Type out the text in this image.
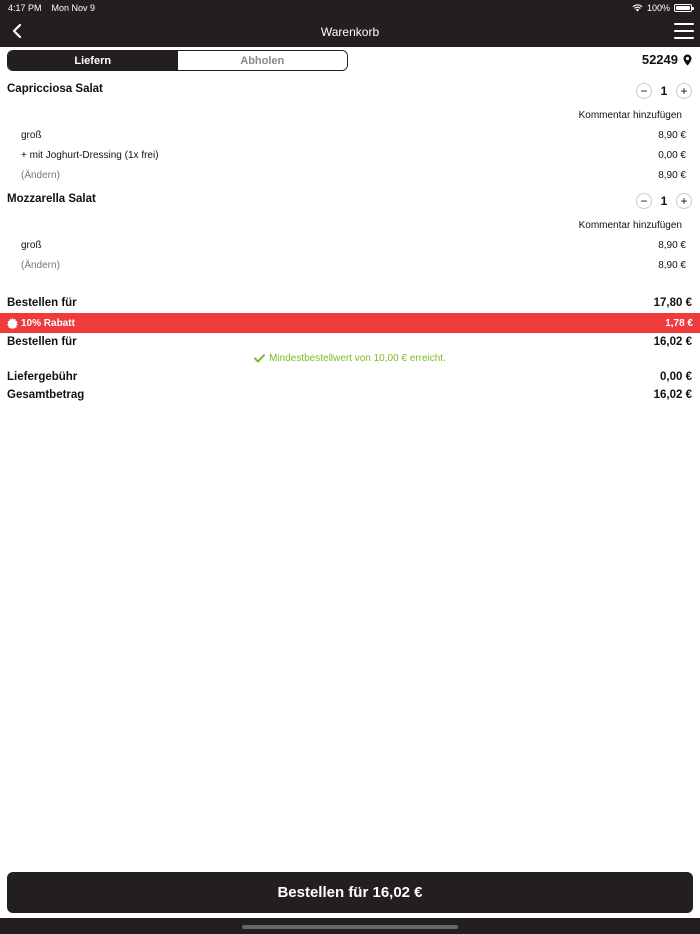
4:17 PM Mon Nov 9	100%
Warenkorb
Liefern	Abholen	52249
Capricciosa Salat	− 1 +
Kommentar hinzufügen
groß	8,90 €
+ mit Joghurt-Dressing (1x frei)	0,00 €
(Ändern)	8,90 €
Mozzarella Salat	− 1 +
Kommentar hinzufügen
groß	8,90 €
(Ändern)	8,90 €
Bestellen für	17,80 €
10% Rabatt	1,78 €
Bestellen für	16,02 €
Mindestbestellwert von 10,00 € erreicht.
Liefergebühr	0,00 €
Gesamtbetrag	16,02 €
Bestellen für 16,02 €
